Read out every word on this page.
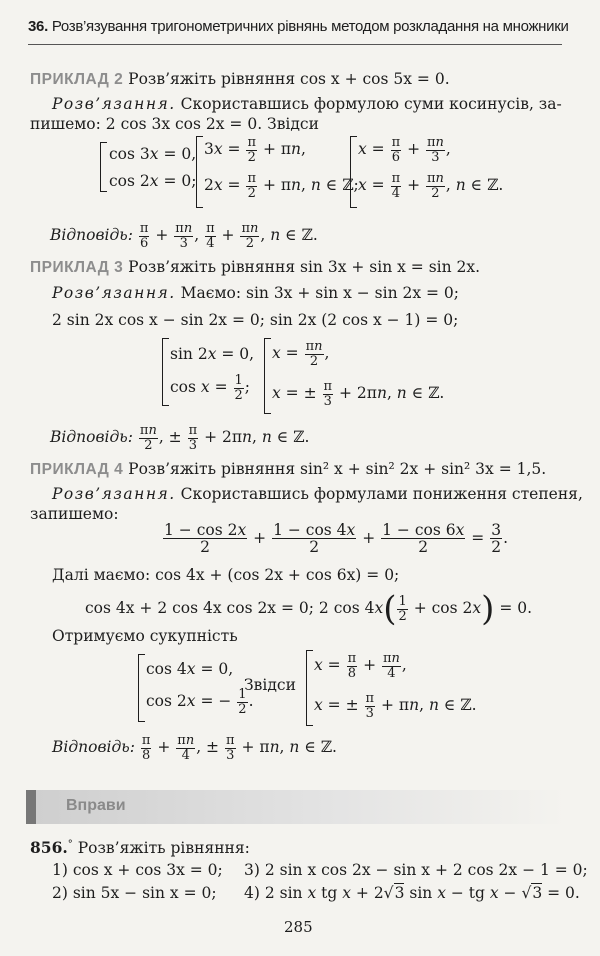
36. Розв’язування тригонометричних рівнянь методом розкладання на множники
ПРИКЛАД 2 Розв’яжіть рівняння cos x + cos 5x = 0.
Розв’язання. Скориставшись формулою суми косинусів, за-
пишемо: 2 cos 3x cos 2x = 0. Звідси
cos 3x = 0,
cos 2x = 0;
$3x = \frac{\pi}{2} + \pi n$,
$2x = \frac{\pi}{2} + \pi n$, n ∈ ℤ;
$x = \frac{\pi}{6} + \frac{\pi n}{3}$ ,
$x = \frac{\pi}{4} + \frac{\pi n}{2}$ , n ∈ ℤ.
Відповідь: $\frac{\pi}{6} + \frac{\pi n}{3}$ , $\frac{\pi}{4} + \frac{\pi n}{2}$ , n ∈ ℤ.
ПРИКЛАД 3 Розв’яжіть рівняння sin 3x + sin x = sin 2x.
Розв’язання. Маємо: sin 3x + sin x − sin 2x = 0;
2 sin 2x cos x − sin 2x = 0; sin 2x (2 cos x − 1) = 0;
sin 2x = 0,
$\cos x = \frac{1}{2}$ ;
$x = \frac{\pi n}{2}$ ,
x = ± $\frac{\pi}{3} + 2\pi n$, n ∈ ℤ.
Відповідь: $\frac{\pi n}{2}$ , ± $\frac{\pi}{3} + 2\pi n$, n ∈ ℤ.
ПРИКЛАД 4 Розв’яжіть рівняння sin² x + sin² 2x + sin² 3x = 1,5.
Розв’язання. Скориставшись формулами пониження степеня,
запишемо:
$\frac{1 - \cos 2x}{2} + \frac{1 - \cos 4x}{2} + \frac{1 - \cos 6x}{2} = \frac{3}{2}$ .
Далі маємо: cos 4x + (cos 2x + cos 6x) = 0;
cos 4x + 2 cos 4x cos 2x = 0; 2 $\cos 4x( \frac{1}{2} + \cos 2x) = 0$.
Отримуємо сукупність
cos 4x = 0,
cos 2x = − $\frac{1}{2}$ .
Звідси
$x = \frac{\pi}{8} + \frac{\pi n}{4}$ ,
x = ± $\frac{\pi}{3} + \pi n$, n ∈ ℤ.
Відповідь: $\frac{\pi}{8} + \frac{\pi n}{4}$ , ± $\frac{\pi}{3} + \pi n$, n ∈ ℤ.
Вправи
856.° Розв’яжіть рівняння:
1) cos x + cos 3x = 0; 3) 2 sin x cos 2x − sin x + 2 cos 2x − 1 = 0;
2) sin 5x − sin x = 0; 4) 2 sin x tg x + 2√3 sin x − tg x − √3 = 0.
285
